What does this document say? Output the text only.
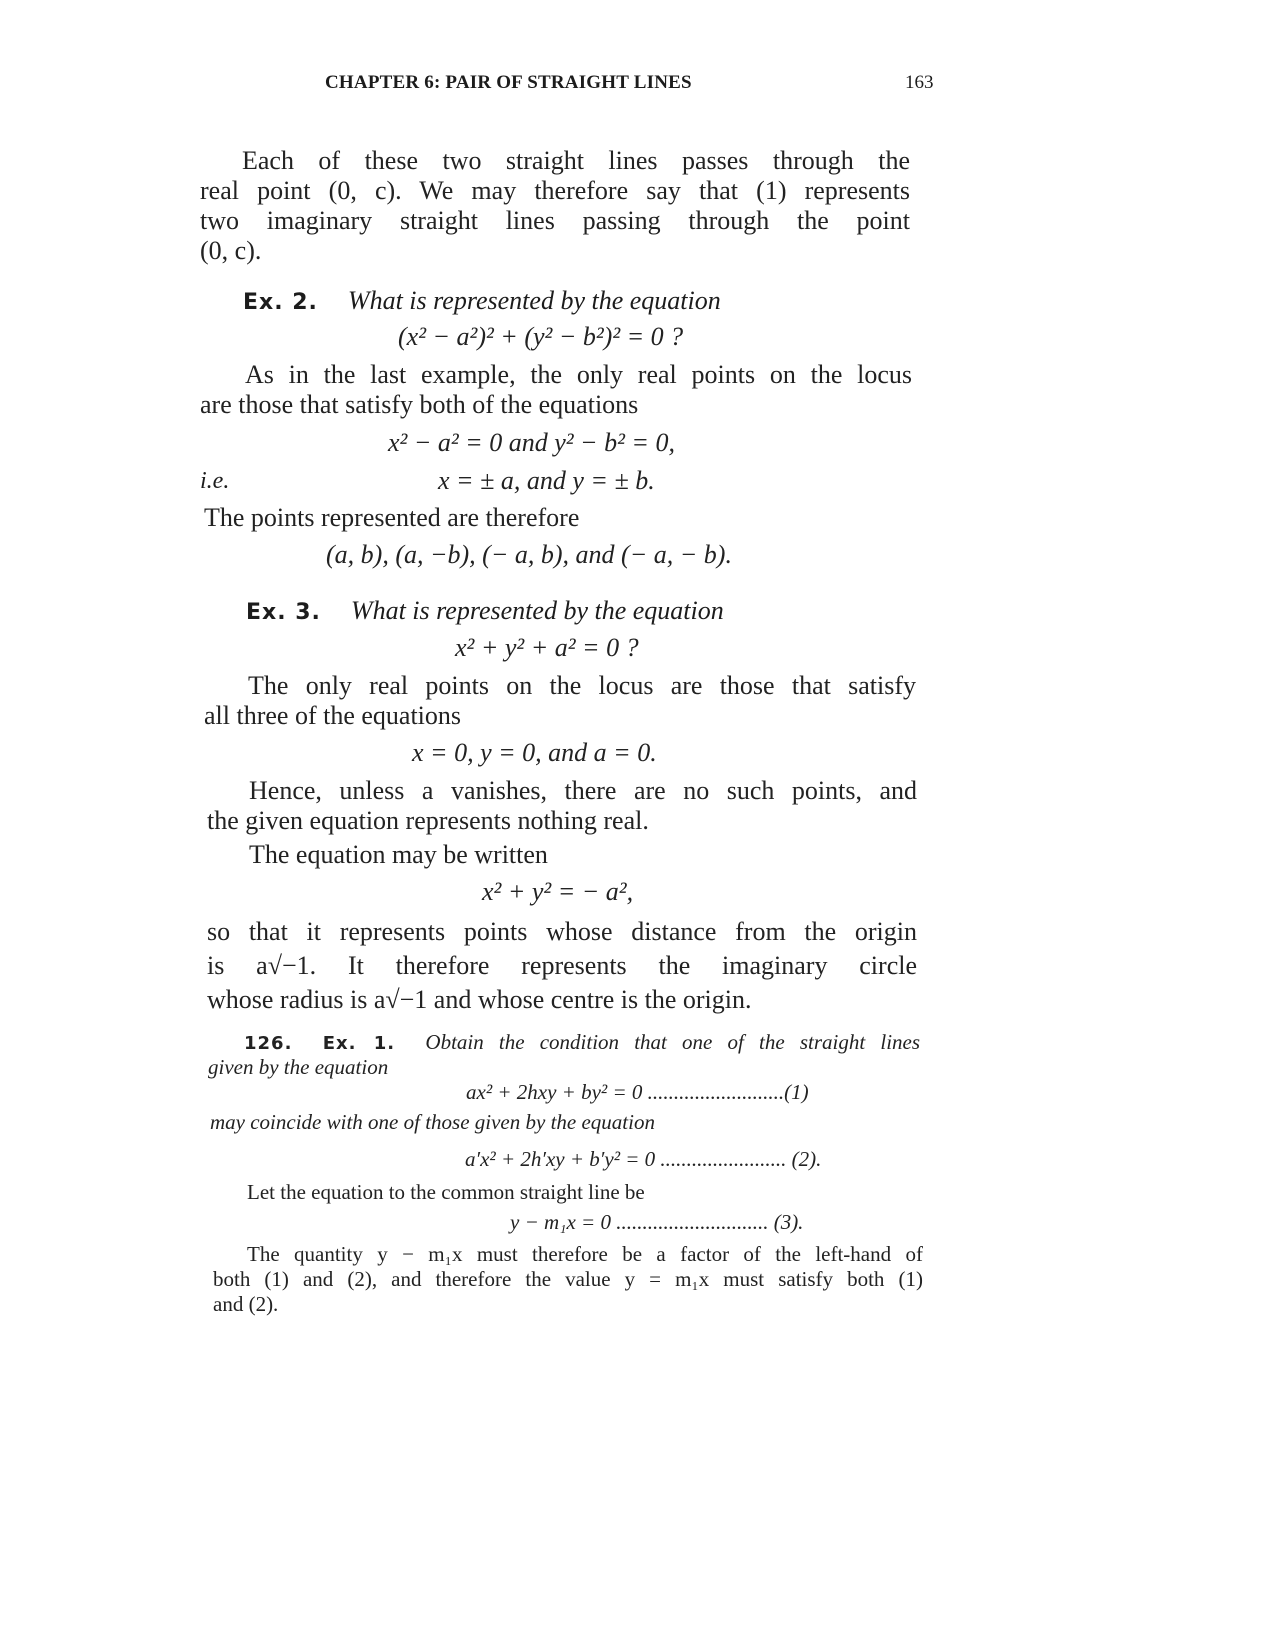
CHAPTER 6: PAIR OF STRAIGHT LINES	163
Each of these two straight lines passes through the
real point (0, c). We may therefore say that (1) represents
two imaginary straight lines passing through the point
(0, c).
Ex. 2. What is represented by the equation
(x² − a²)² + (y² − b²)² = 0 ?
As in the last example, the only real points on the locus
are those that satisfy both of the equations
x² − a² = 0 and y² − b² = 0,
i.e.	x = ± a, and y = ± b.
The points represented are therefore
(a, b), (a, −b), (− a, b), and (− a, − b).
Ex. 3. What is represented by the equation
x² + y² + a² = 0 ?
The only real points on the locus are those that satisfy
all three of the equations
x = 0, y = 0, and a = 0.
Hence, unless a vanishes, there are no such points, and
the given equation represents nothing real.
The equation may be written
x² + y² = − a²,
so that it represents points whose distance from the origin
is a√−1. It therefore represents the imaginary circle
whose radius is a√−1 and whose centre is the origin.
126. Ex. 1. Obtain the condition that one of the straight lines
given by the equation
ax² + 2hxy + by² = 0 ..........................(1)
may coincide with one of those given by the equation
a′x² + 2h′xy + b′y² = 0 ........................ (2).
Let the equation to the common straight line be
y − m₁x = 0 ............................. (3).
The quantity y − m₁x must therefore be a factor of the left-hand of
both (1) and (2), and therefore the value y = m₁x must satisfy both (1)
and (2).
